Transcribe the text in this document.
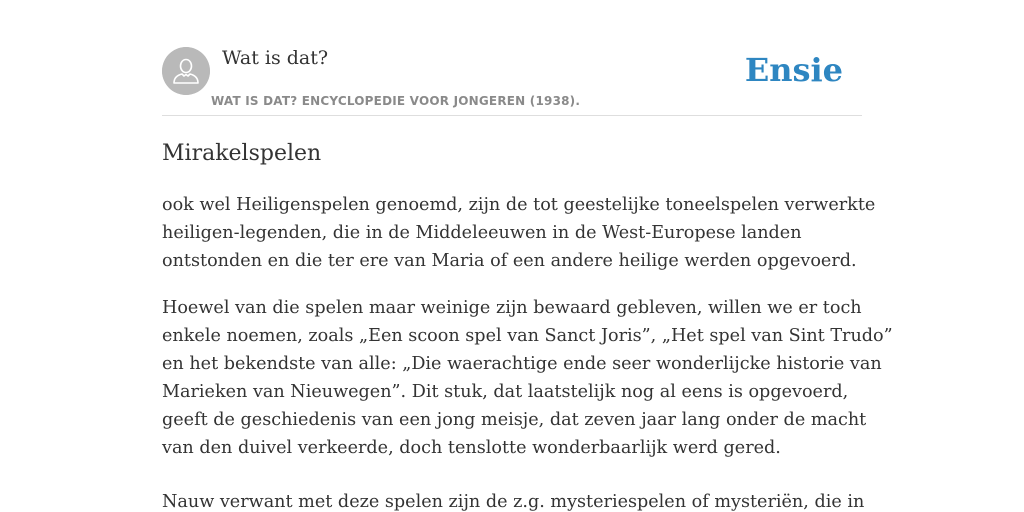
Wat is dat?
WAT IS DAT? ENCYCLOPEDIE VOOR JONGEREN (1938).
Ensie
Mirakelspelen

ook wel Heiligenspelen genoemd, zijn de tot geestelijke toneelspelen verwerkte
heiligen-legenden, die in de Middeleeuwen in de West-Europese landen
ontstonden en die ter ere van Maria of een andere heilige werden opgevoerd.

Hoewel van die spelen maar weinige zijn bewaard gebleven, willen we er toch
enkele noemen, zoals „Een scoon spel van Sanct Joris”, „Het spel van Sint Trudo”
en het bekendste van alle: „Die waerachtige ende seer wonderlijcke historie van
Marieken van Nieuwegen”. Dit stuk, dat laatstelijk nog al eens is opgevoerd,
geeft de geschiedenis van een jong meisje, dat zeven jaar lang onder de macht
van den duivel verkeerde, doch tenslotte wonderbaarlijk werd gered.

Nauw verwant met deze spelen zijn de z.g. mysteriespelen of mysteriën, die in
